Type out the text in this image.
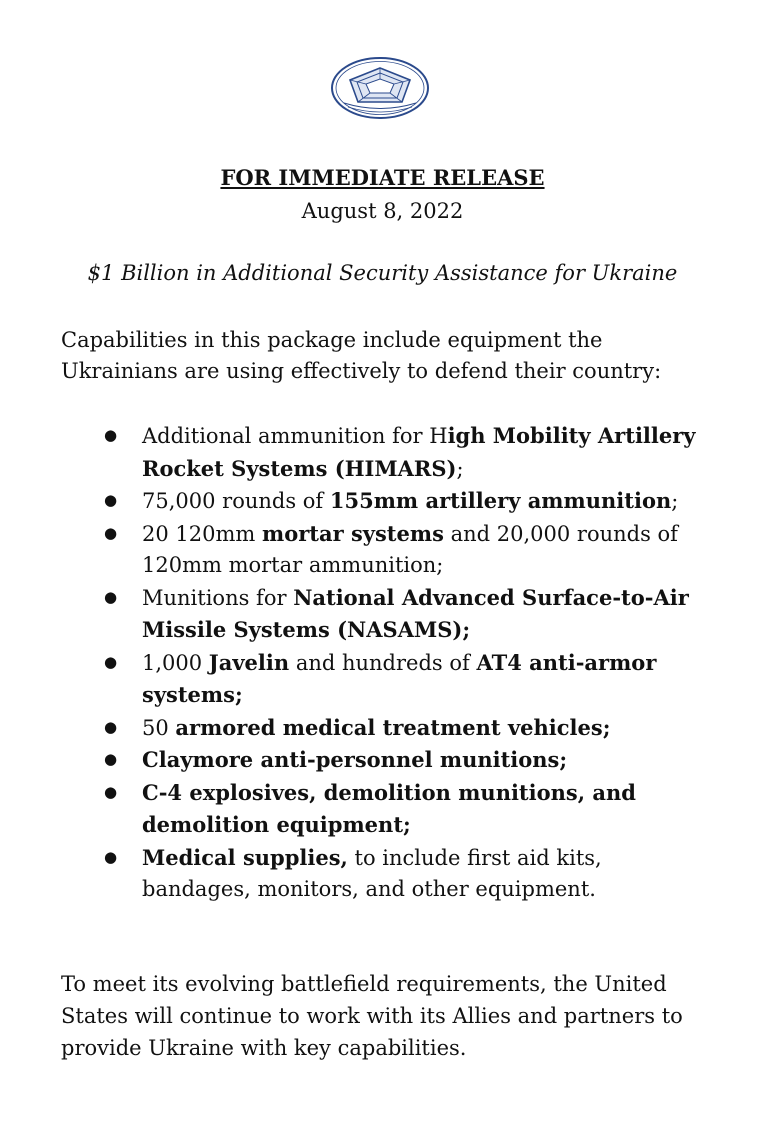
FOR IMMEDIATE RELEASE
August 8, 2022
$1 Billion in Additional Security Assistance for Ukraine

Capabilities in this package include equipment the Ukrainians are using effectively to defend their country:

● Additional ammunition for High Mobility Artillery Rocket Systems (HIMARS);
● 75,000 rounds of 155mm artillery ammunition;
● 20 120mm mortar systems and 20,000 rounds of 120mm mortar ammunition;
● Munitions for National Advanced Surface-to-Air Missile Systems (NASAMS);
● 1,000 Javelin and hundreds of AT4 anti-armor systems;
● 50 armored medical treatment vehicles;
● Claymore anti-personnel munitions;
● C-4 explosives, demolition munitions, and demolition equipment;
● Medical supplies, to include first aid kits, bandages, monitors, and other equipment.

To meet its evolving battlefield requirements, the United States will continue to work with its Allies and partners to provide Ukraine with key capabilities.
